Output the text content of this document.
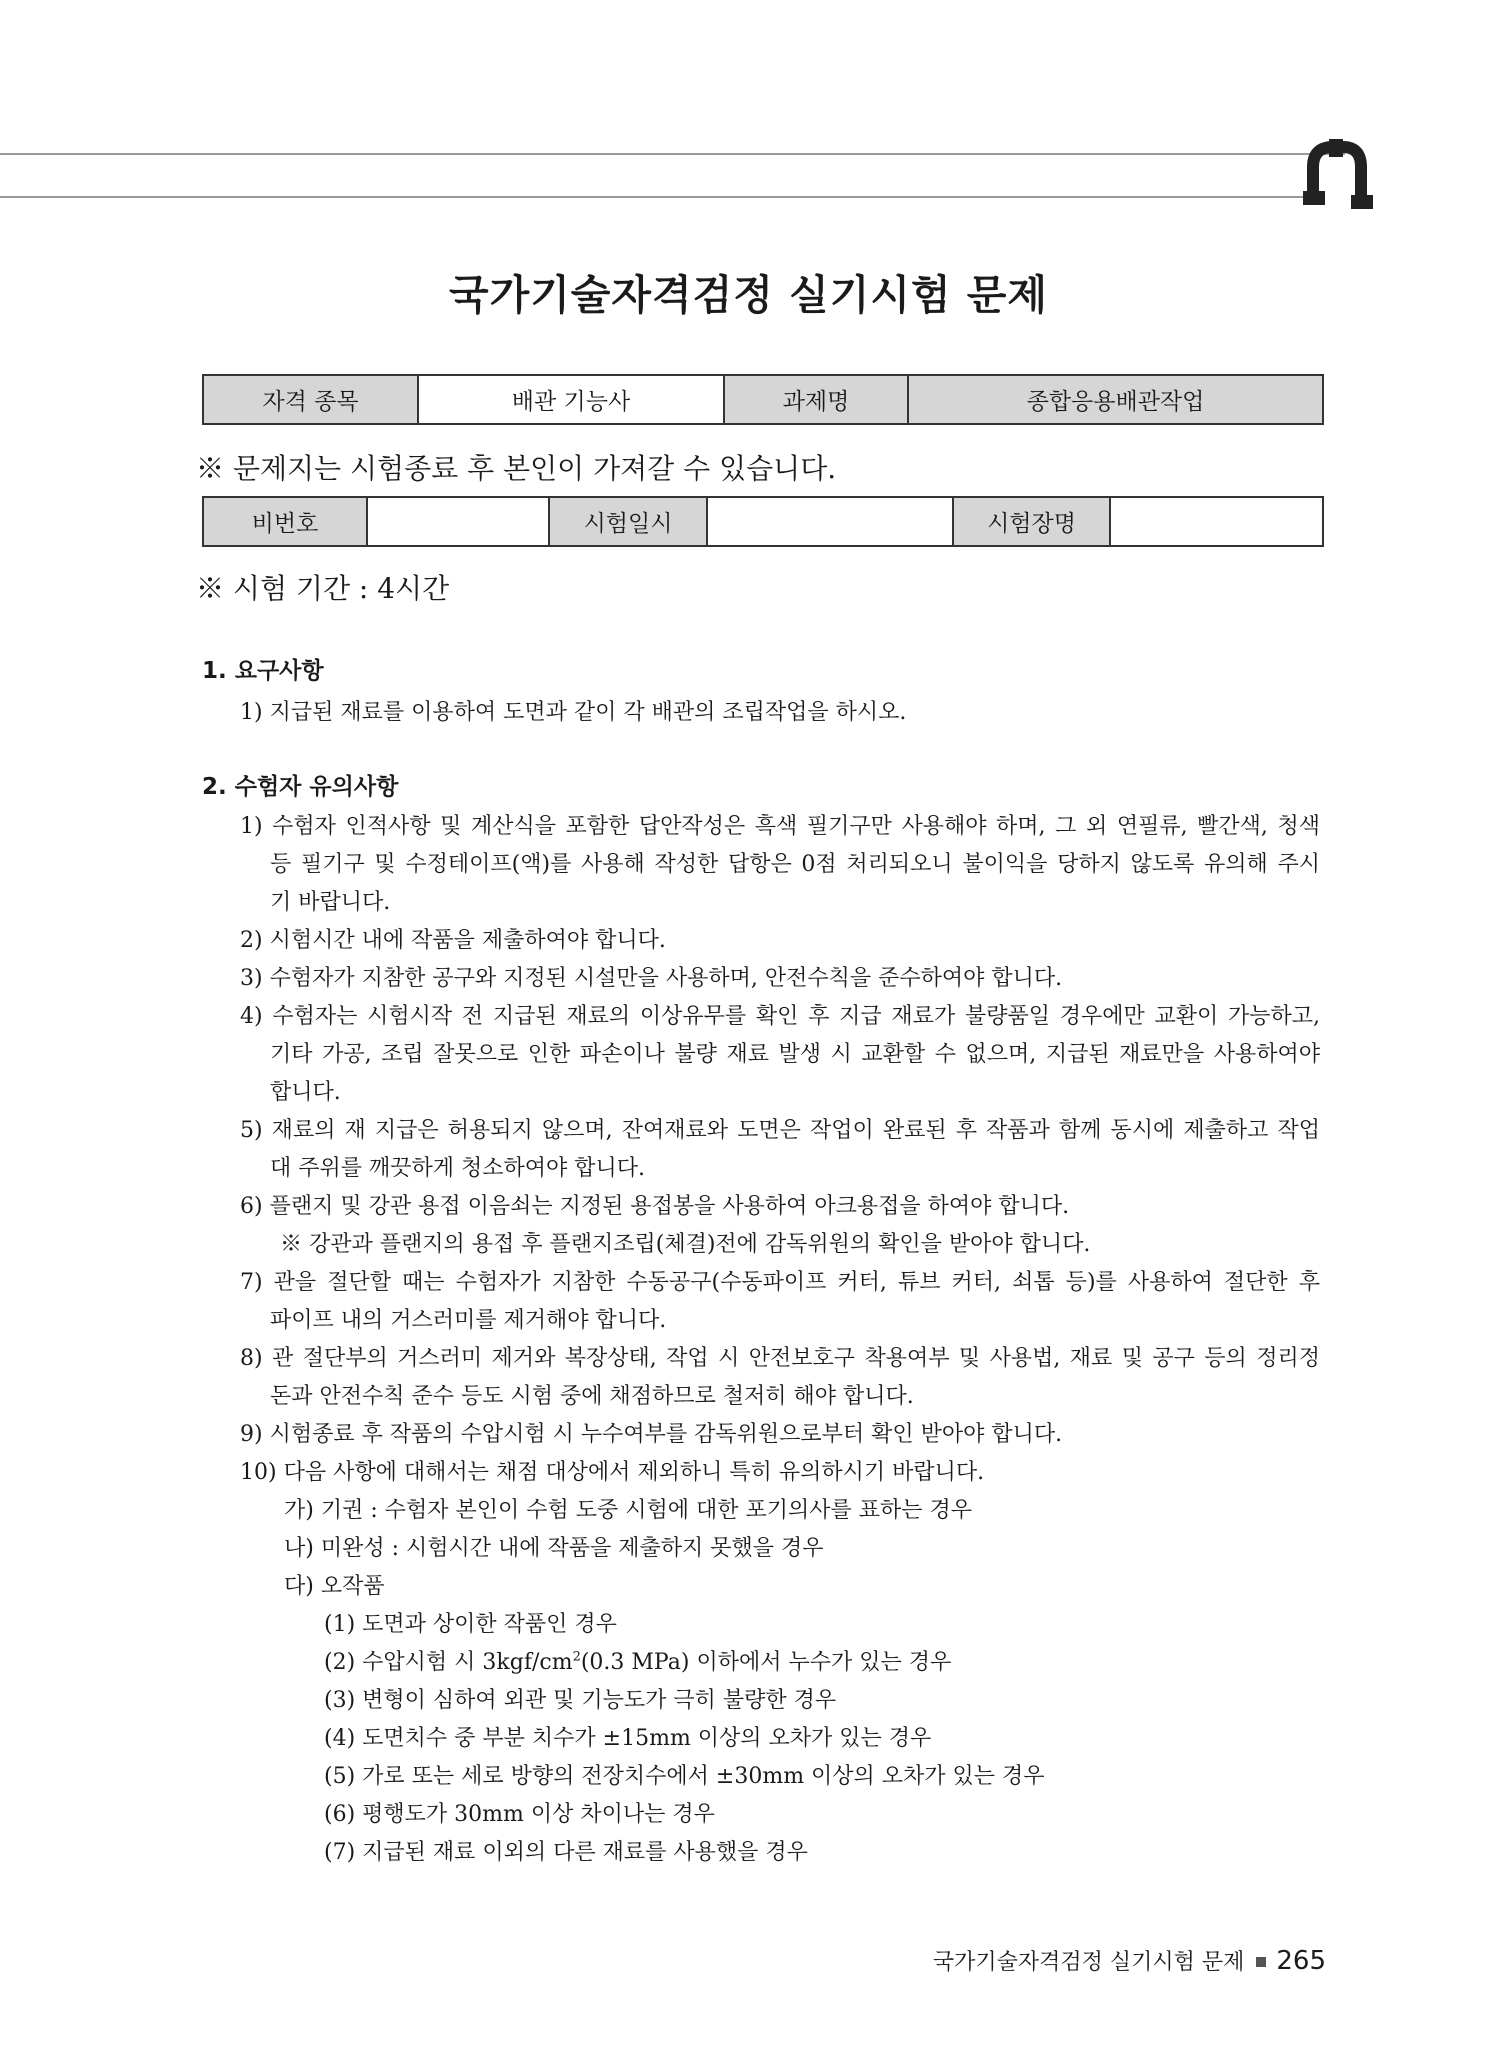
국가기술자격검정 실기시험 문제
자격 종목	배관 기능사	과제명	종합응용배관작업
※ 문제지는 시험종료 후 본인이 가져갈 수 있습니다.
비번호		시험일시		시험장명	
※ 시험 기간 : 4시간
1. 요구사항
1) 지급된 재료를 이용하여 도면과 같이 각 배관의 조립작업을 하시오.
2. 수험자 유의사항
1) 수험자 인적사항 및 계산식을 포함한 답안작성은 흑색 필기구만 사용해야 하며, 그 외 연필류, 빨간색, 청색
등 필기구 및 수정테이프(액)를 사용해 작성한 답항은 0점 처리되오니 불이익을 당하지 않도록 유의해 주시
기 바랍니다.
2) 시험시간 내에 작품을 제출하여야 합니다.
3) 수험자가 지참한 공구와 지정된 시설만을 사용하며, 안전수칙을 준수하여야 합니다.
4) 수험자는 시험시작 전 지급된 재료의 이상유무를 확인 후 지급 재료가 불량품일 경우에만 교환이 가능하고,
기타 가공, 조립 잘못으로 인한 파손이나 불량 재료 발생 시 교환할 수 없으며, 지급된 재료만을 사용하여야
합니다.
5) 재료의 재 지급은 허용되지 않으며, 잔여재료와 도면은 작업이 완료된 후 작품과 함께 동시에 제출하고 작업
대 주위를 깨끗하게 청소하여야 합니다.
6) 플랜지 및 강관 용접 이음쇠는 지정된 용접봉을 사용하여 아크용접을 하여야 합니다.
※ 강관과 플랜지의 용접 후 플랜지조립(체결)전에 감독위원의 확인을 받아야 합니다.
7) 관을 절단할 때는 수험자가 지참한 수동공구(수동파이프 커터, 튜브 커터, 쇠톱 등)를 사용하여 절단한 후
파이프 내의 거스러미를 제거해야 합니다.
8) 관 절단부의 거스러미 제거와 복장상태, 작업 시 안전보호구 착용여부 및 사용법, 재료 및 공구 등의 정리정
돈과 안전수칙 준수 등도 시험 중에 채점하므로 철저히 해야 합니다.
9) 시험종료 후 작품의 수압시험 시 누수여부를 감독위원으로부터 확인 받아야 합니다.
10) 다음 사항에 대해서는 채점 대상에서 제외하니 특히 유의하시기 바랍니다.
가) 기권 : 수험자 본인이 수험 도중 시험에 대한 포기의사를 표하는 경우
나) 미완성 : 시험시간 내에 작품을 제출하지 못했을 경우
다) 오작품
(1) 도면과 상이한 작품인 경우
(2) 수압시험 시 $3kgf/cm^2(0.3$ MPa) 이하에서 누수가 있는 경우
(3) 변형이 심하여 외관 및 기능도가 극히 불량한 경우
(4) 도면치수 중 부분 치수가 ±15mm 이상의 오차가 있는 경우
(5) 가로 또는 세로 방향의 전장치수에서 ±30mm 이상의 오차가 있는 경우
(6) 평행도가 30mm 이상 차이나는 경우
(7) 지급된 재료 이외의 다른 재료를 사용했을 경우
국가기술자격검정 실기시험 문제 265
